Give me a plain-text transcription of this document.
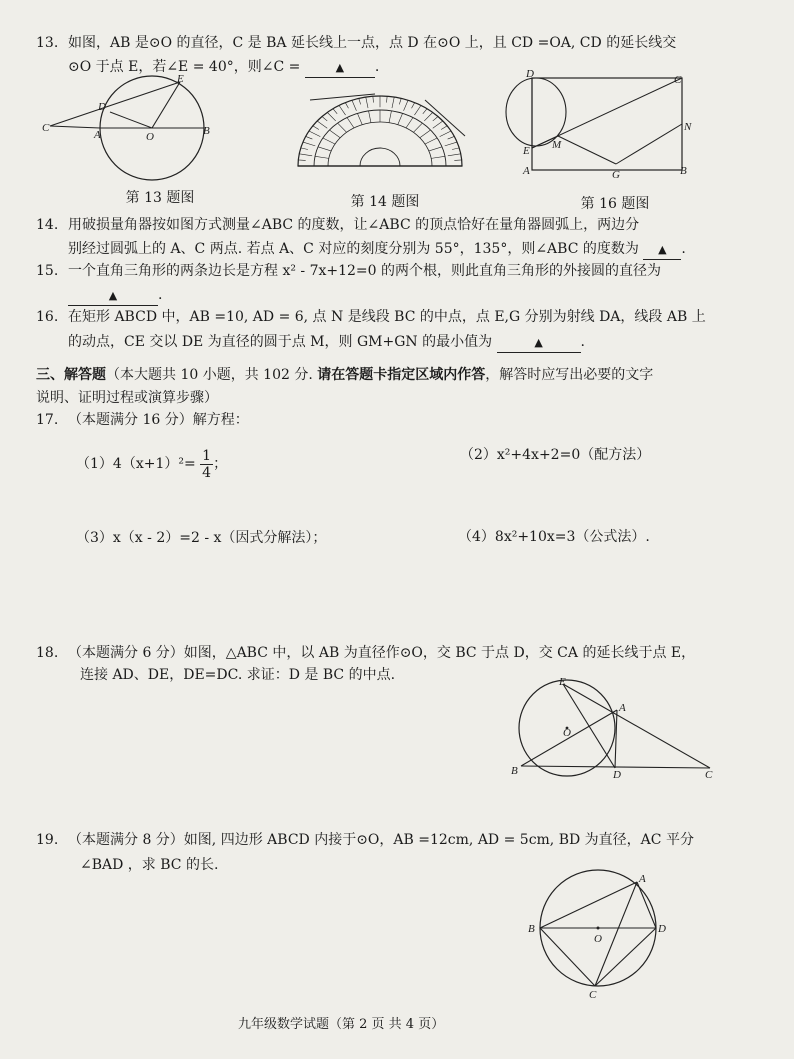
13. 如图，AB 是⊙O 的直径，C 是 BA 延长线上一点，点 D 在⊙O 上，且 CD =OA, CD 的延长线交
⊙O 于点 E，若∠E = 40°，则∠C =	▲ .
E
D
C
A	O	B
D	C
N
E M
A	G	B
第 13 题图	第 14 题图	第 16 题图
14. 用破损量角器按如图方式测量∠ABC 的度数，让∠ABC 的顶点恰好在量角器圆弧上，两边分
别经过圆弧上的 A、C 两点. 若点 A、C 对应的刻度分别为 55°，135°，则∠ABC 的度数为 ▲ .
15. 一个直角三角形的两条边长是方程 x² - 7x+12=0 的两个根，则此直角三角形的外接圆的直径为
▲	.
16. 在矩形 ABCD 中，AB =10, AD = 6, 点 N 是线段 BC 的中点，点 E,G 分别为射线 DA，线段 AB 上
的动点，CE 交以 DE 为直径的圆于点 M，则 GM+GN 的最小值为	▲	.
三、解答题（本大题共 10 小题，共 102 分. 请在答题卡指定区域内作答，解答时应写出必要的文字
说明、证明过程或演算步骤）
17. （本题满分 16 分）解方程：
$(1)4(x+1)^2= \frac{1}{4}$ ；
（2）x²+4x+2=0（配方法）
（3）x（x - 2）=2 - x（因式分解法）；	（4）8x²+10x=3（公式法）.
18. （本题满分 6 分）如图，△ABC 中，以 AB 为直径作⊙O，交 BC 于点 D，交 CA 的延长线于点 E，
连接 AD、DE，DE=DC. 求证：D 是 BC 的中点.	E
A
O
B	D	C
19. （本题满分 8 分）如图, 四边形 ABCD 内接于⊙O，AB =12cm, AD = 5cm, BD 为直径，AC 平分
∠BAD ，求 BC 的长.
A
B
O
D
C
九年级数学试题（第 2 页 共 4 页）
